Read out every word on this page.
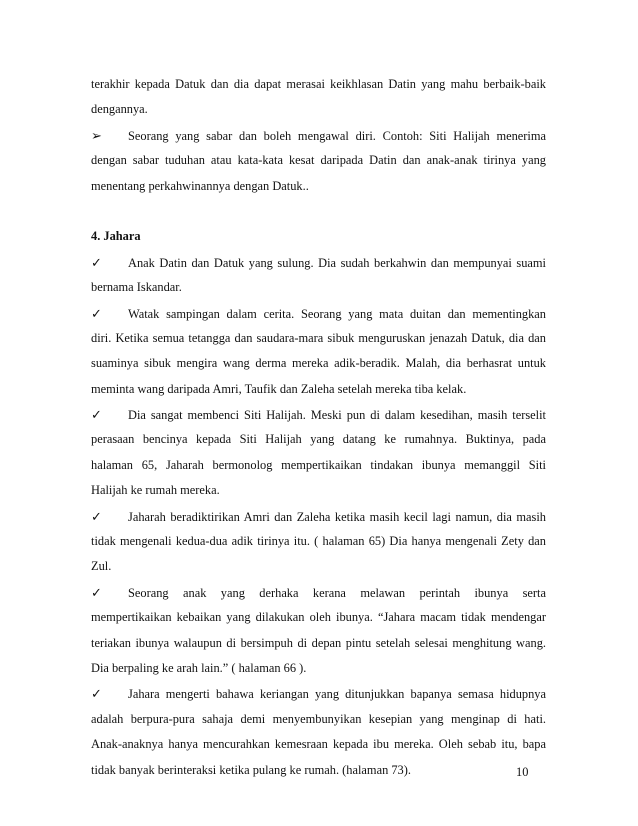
terakhir kepada Datuk dan dia dapat merasai keikhlasan Datin yang mahu berbaik-baik
dengannya.
➢	Seorang yang sabar dan boleh mengawal diri. Contoh: Siti Halijah menerima
dengan sabar tuduhan atau kata-kata kesat daripada Datin dan anak-anak tirinya yang
menentang perkahwinannya dengan Datuk..
4. Jahara
✓	Anak Datin dan Datuk yang sulung. Dia sudah berkahwin dan mempunyai suami
bernama Iskandar.
✓	Watak sampingan dalam cerita. Seorang yang mata duitan dan mementingkan
diri. Ketika semua tetangga dan saudara-mara sibuk menguruskan jenazah Datuk, dia dan
suaminya sibuk mengira wang derma mereka adik-beradik. Malah, dia berhasrat untuk
meminta wang daripada Amri, Taufik dan Zaleha setelah mereka tiba kelak.
✓	Dia sangat membenci Siti Halijah. Meski pun di dalam kesedihan, masih terselit
perasaan bencinya kepada Siti Halijah yang datang ke rumahnya. Buktinya, pada
halaman 65, Jaharah bermonolog mempertikaikan tindakan ibunya memanggil Siti
Halijah ke rumah mereka.
✓	Jaharah beradiktirikan Amri dan Zaleha ketika masih kecil lagi namun, dia masih
tidak mengenali kedua-dua adik tirinya itu. ( halaman 65) Dia hanya mengenali Zety dan
Zul.
✓	Seorang anak yang derhaka kerana melawan perintah ibunya serta
mempertikaikan kebaikan yang dilakukan oleh ibunya. “Jahara macam tidak mendengar
teriakan ibunya walaupun di bersimpuh di depan pintu setelah selesai menghitung wang.
Dia berpaling ke arah lain.” ( halaman 66 ).
✓	Jahara mengerti bahawa keriangan yang ditunjukkan bapanya semasa hidupnya
adalah berpura-pura sahaja demi menyembunyikan kesepian yang menginap di hati.
Anak-anaknya hanya mencurahkan kemesraan kepada ibu mereka. Oleh sebab itu, bapa
tidak banyak berinteraksi ketika pulang ke rumah. (halaman 73).	10
